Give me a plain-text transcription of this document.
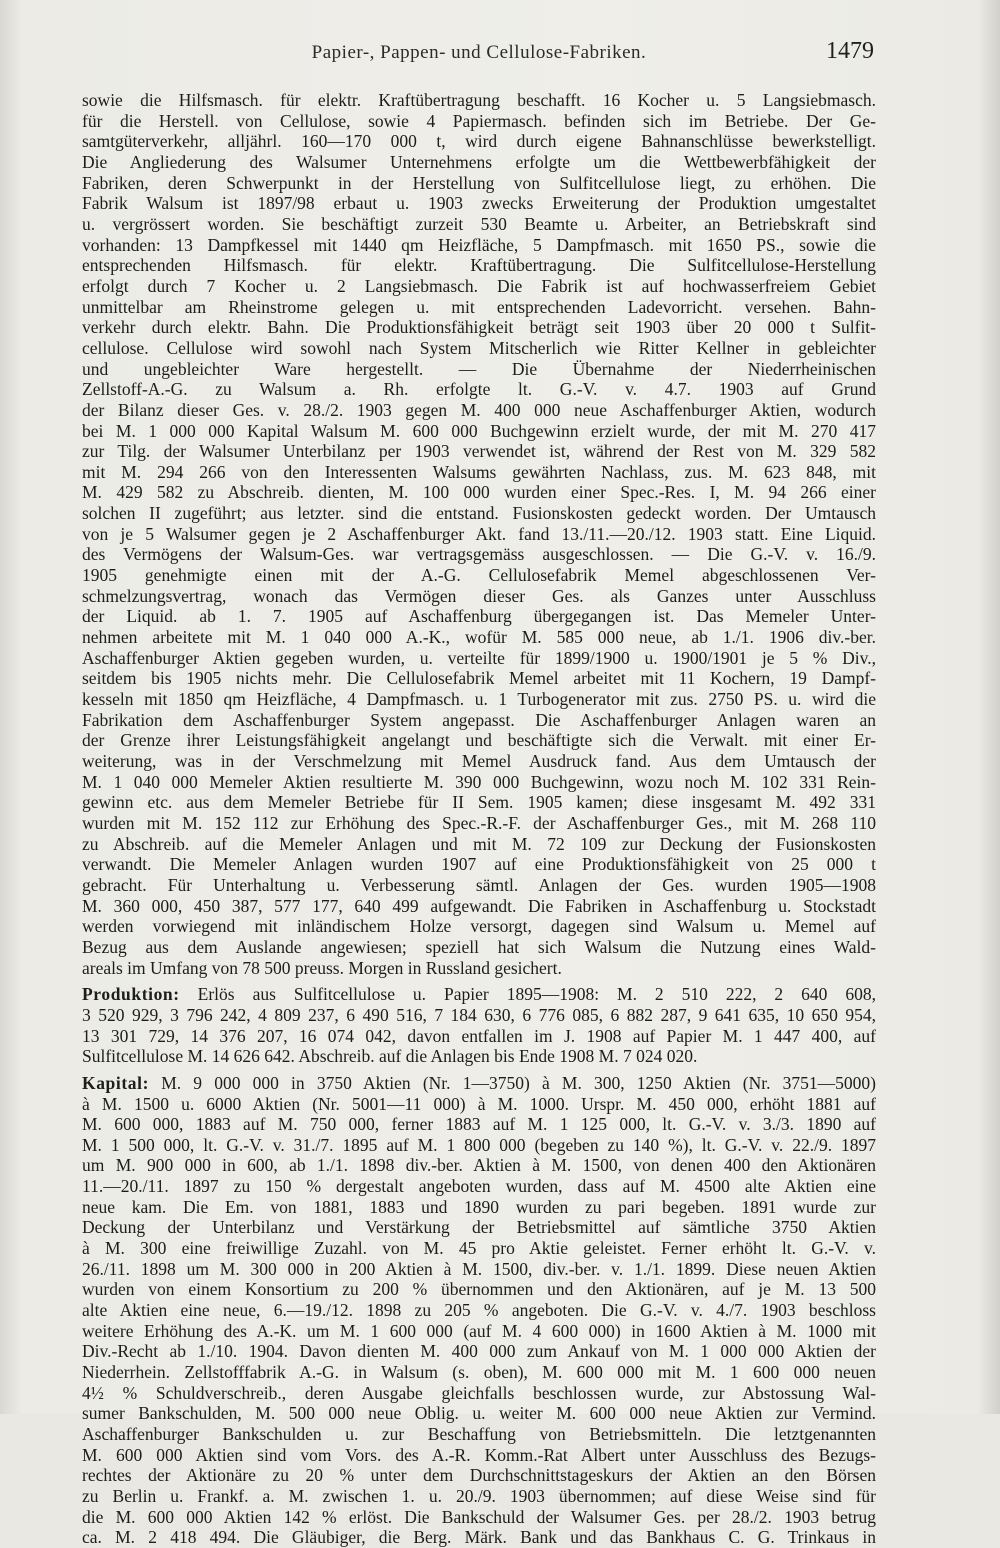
Papier-, Pappen- und Cellulose-Fabriken.	1479
sowie die Hilfsmasch. für elektr. Kraftübertragung beschafft. 16 Kocher u. 5 Langsiebmasch.
für die Herstell. von Cellulose, sowie 4 Papiermasch. befinden sich im Betriebe. Der Ge-
samtgüterverkehr, alljährl. 160—170 000 t, wird durch eigene Bahnanschlüsse bewerkstelligt.
Die Angliederung des Walsumer Unternehmens erfolgte um die Wettbewerbfähigkeit der
Fabriken, deren Schwerpunkt in der Herstellung von Sulfitcellulose liegt, zu erhöhen. Die
Fabrik Walsum ist 1897/98 erbaut u. 1903 zwecks Erweiterung der Produktion umgestaltet
u. vergrössert worden. Sie beschäftigt zurzeit 530 Beamte u. Arbeiter, an Betriebskraft sind
vorhanden: 13 Dampfkessel mit 1440 qm Heizfläche, 5 Dampfmasch. mit 1650 PS., sowie die
entsprechenden Hilfsmasch. für elektr. Kraftübertragung. Die Sulfitcellulose-Herstellung
erfolgt durch 7 Kocher u. 2 Langsiebmasch. Die Fabrik ist auf hochwasserfreiem Gebiet
unmittelbar am Rheinstrome gelegen u. mit entsprechenden Ladevorricht. versehen. Bahn-
verkehr durch elektr. Bahn. Die Produktionsfähigkeit beträgt seit 1903 über 20 000 t Sulfit-
cellulose. Cellulose wird sowohl nach System Mitscherlich wie Ritter Kellner in gebleichter
und ungebleichter Ware hergestellt. — Die Übernahme der Niederrheinischen
Zellstoff-A.-G. zu Walsum a. Rh. erfolgte lt. G.-V. v. 4.7. 1903 auf Grund
der Bilanz dieser Ges. v. 28./2. 1903 gegen M. 400 000 neue Aschaffenburger Aktien, wodurch
bei M. 1 000 000 Kapital Walsum M. 600 000 Buchgewinn erzielt wurde, der mit M. 270 417
zur Tilg. der Walsumer Unterbilanz per 1903 verwendet ist, während der Rest von M. 329 582
mit M. 294 266 von den Interessenten Walsums gewährten Nachlass, zus. M. 623 848, mit
M. 429 582 zu Abschreib. dienten, M. 100 000 wurden einer Spec.-Res. I, M. 94 266 einer
solchen II zugeführt; aus letzter. sind die entstand. Fusionskosten gedeckt worden. Der Umtausch
von je 5 Walsumer gegen je 2 Aschaffenburger Akt. fand 13./11.—20./12. 1903 statt. Eine Liquid.
des Vermögens der Walsum-Ges. war vertragsgemäss ausgeschlossen. — Die G.-V. v. 16./9.
1905 genehmigte einen mit der A.-G. Cellulosefabrik Memel abgeschlossenen Ver-
schmelzungsvertrag, wonach das Vermögen dieser Ges. als Ganzes unter Ausschluss
der Liquid. ab 1. 7. 1905 auf Aschaffenburg übergegangen ist. Das Memeler Unter-
nehmen arbeitete mit M. 1 040 000 A.-K., wofür M. 585 000 neue, ab 1./1. 1906 div.-ber.
Aschaffenburger Aktien gegeben wurden, u. verteilte für 1899/1900 u. 1900/1901 je 5 % Div.,
seitdem bis 1905 nichts mehr. Die Cellulosefabrik Memel arbeitet mit 11 Kochern, 19 Dampf-
kesseln mit 1850 qm Heizfläche, 4 Dampfmasch. u. 1 Turbogenerator mit zus. 2750 PS. u. wird die
Fabrikation dem Aschaffenburger System angepasst. Die Aschaffenburger Anlagen waren an
der Grenze ihrer Leistungsfähigkeit angelangt und beschäftigte sich die Verwalt. mit einer Er-
weiterung, was in der Verschmelzung mit Memel Ausdruck fand. Aus dem Umtausch der
M. 1 040 000 Memeler Aktien resultierte M. 390 000 Buchgewinn, wozu noch M. 102 331 Rein-
gewinn etc. aus dem Memeler Betriebe für II Sem. 1905 kamen; diese insgesamt M. 492 331
wurden mit M. 152 112 zur Erhöhung des Spec.-R.-F. der Aschaffenburger Ges., mit M. 268 110
zu Abschreib. auf die Memeler Anlagen und mit M. 72 109 zur Deckung der Fusionskosten
verwandt. Die Memeler Anlagen wurden 1907 auf eine Produktionsfähigkeit von 25 000 t
gebracht. Für Unterhaltung u. Verbesserung sämtl. Anlagen der Ges. wurden 1905—1908
M. 360 000, 450 387, 577 177, 640 499 aufgewandt. Die Fabriken in Aschaffenburg u. Stockstadt
werden vorwiegend mit inländischem Holze versorgt, dagegen sind Walsum u. Memel auf
Bezug aus dem Auslande angewiesen; speziell hat sich Walsum die Nutzung eines Wald-
areals im Umfang von 78 500 preuss. Morgen in Russland gesichert.
Produktion: Erlös aus Sulfitcellulose u. Papier 1895—1908: M. 2 510 222, 2 640 608,
3 520 929, 3 796 242, 4 809 237, 6 490 516, 7 184 630, 6 776 085, 6 882 287, 9 641 635, 10 650 954,
13 301 729, 14 376 207, 16 074 042, davon entfallen im J. 1908 auf Papier M. 1 447 400, auf
Sulfitcellulose M. 14 626 642. Abschreib. auf die Anlagen bis Ende 1908 M. 7 024 020.
Kapital: M. 9 000 000 in 3750 Aktien (Nr. 1—3750) à M. 300, 1250 Aktien (Nr. 3751—5000)
à M. 1500 u. 6000 Aktien (Nr. 5001—11 000) à M. 1000. Urspr. M. 450 000, erhöht 1881 auf
M. 600 000, 1883 auf M. 750 000, ferner 1883 auf M. 1 125 000, lt. G.-V. v. 3./3. 1890 auf
M. 1 500 000, lt. G.-V. v. 31./7. 1895 auf M. 1 800 000 (begeben zu 140 %), lt. G.-V. v. 22./9. 1897
um M. 900 000 in 600, ab 1./1. 1898 div.-ber. Aktien à M. 1500, von denen 400 den Aktionären
11.—20./11. 1897 zu 150 % dergestalt angeboten wurden, dass auf M. 4500 alte Aktien eine
neue kam. Die Em. von 1881, 1883 und 1890 wurden zu pari begeben. 1891 wurde zur
Deckung der Unterbilanz und Verstärkung der Betriebsmittel auf sämtliche 3750 Aktien
à M. 300 eine freiwillige Zuzahl. von M. 45 pro Aktie geleistet. Ferner erhöht lt. G.-V. v.
26./11. 1898 um M. 300 000 in 200 Aktien à M. 1500, div.-ber. v. 1./1. 1899. Diese neuen Aktien
wurden von einem Konsortium zu 200 % übernommen und den Aktionären, auf je M. 13 500
alte Aktien eine neue, 6.—19./12. 1898 zu 205 % angeboten. Die G.-V. v. 4./7. 1903 beschloss
weitere Erhöhung des A.-K. um M. 1 600 000 (auf M. 4 600 000) in 1600 Aktien à M. 1000 mit
Div.-Recht ab 1./10. 1904. Davon dienten M. 400 000 zum Ankauf von M. 1 000 000 Aktien der
Niederrhein. Zellstofffabrik A.-G. in Walsum (s. oben), M. 600 000 mit M. 1 600 000 neuen
4½ % Schuldverschreib., deren Ausgabe gleichfalls beschlossen wurde, zur Abstossung Wal-
sumer Bankschulden, M. 500 000 neue Oblig. u. weiter M. 600 000 neue Aktien zur Vermind.
Aschaffenburger Bankschulden u. zur Beschaffung von Betriebsmitteln. Die letztgenannten
M. 600 000 Aktien sind vom Vors. des A.-R. Komm.-Rat Albert unter Ausschluss des Bezugs-
rechtes der Aktionäre zu 20 % unter dem Durchschnittstageskurs der Aktien an den Börsen
zu Berlin u. Frankf. a. M. zwischen 1. u. 20./9. 1903 übernommen; auf diese Weise sind für
die M. 600 000 Aktien 142 % erlöst. Die Bankschuld der Walsumer Ges. per 28./2. 1903 betrug
ca. M. 2 418 494. Die Gläubiger, die Berg. Märk. Bank und das Bankhaus C. G. Trinkaus in
